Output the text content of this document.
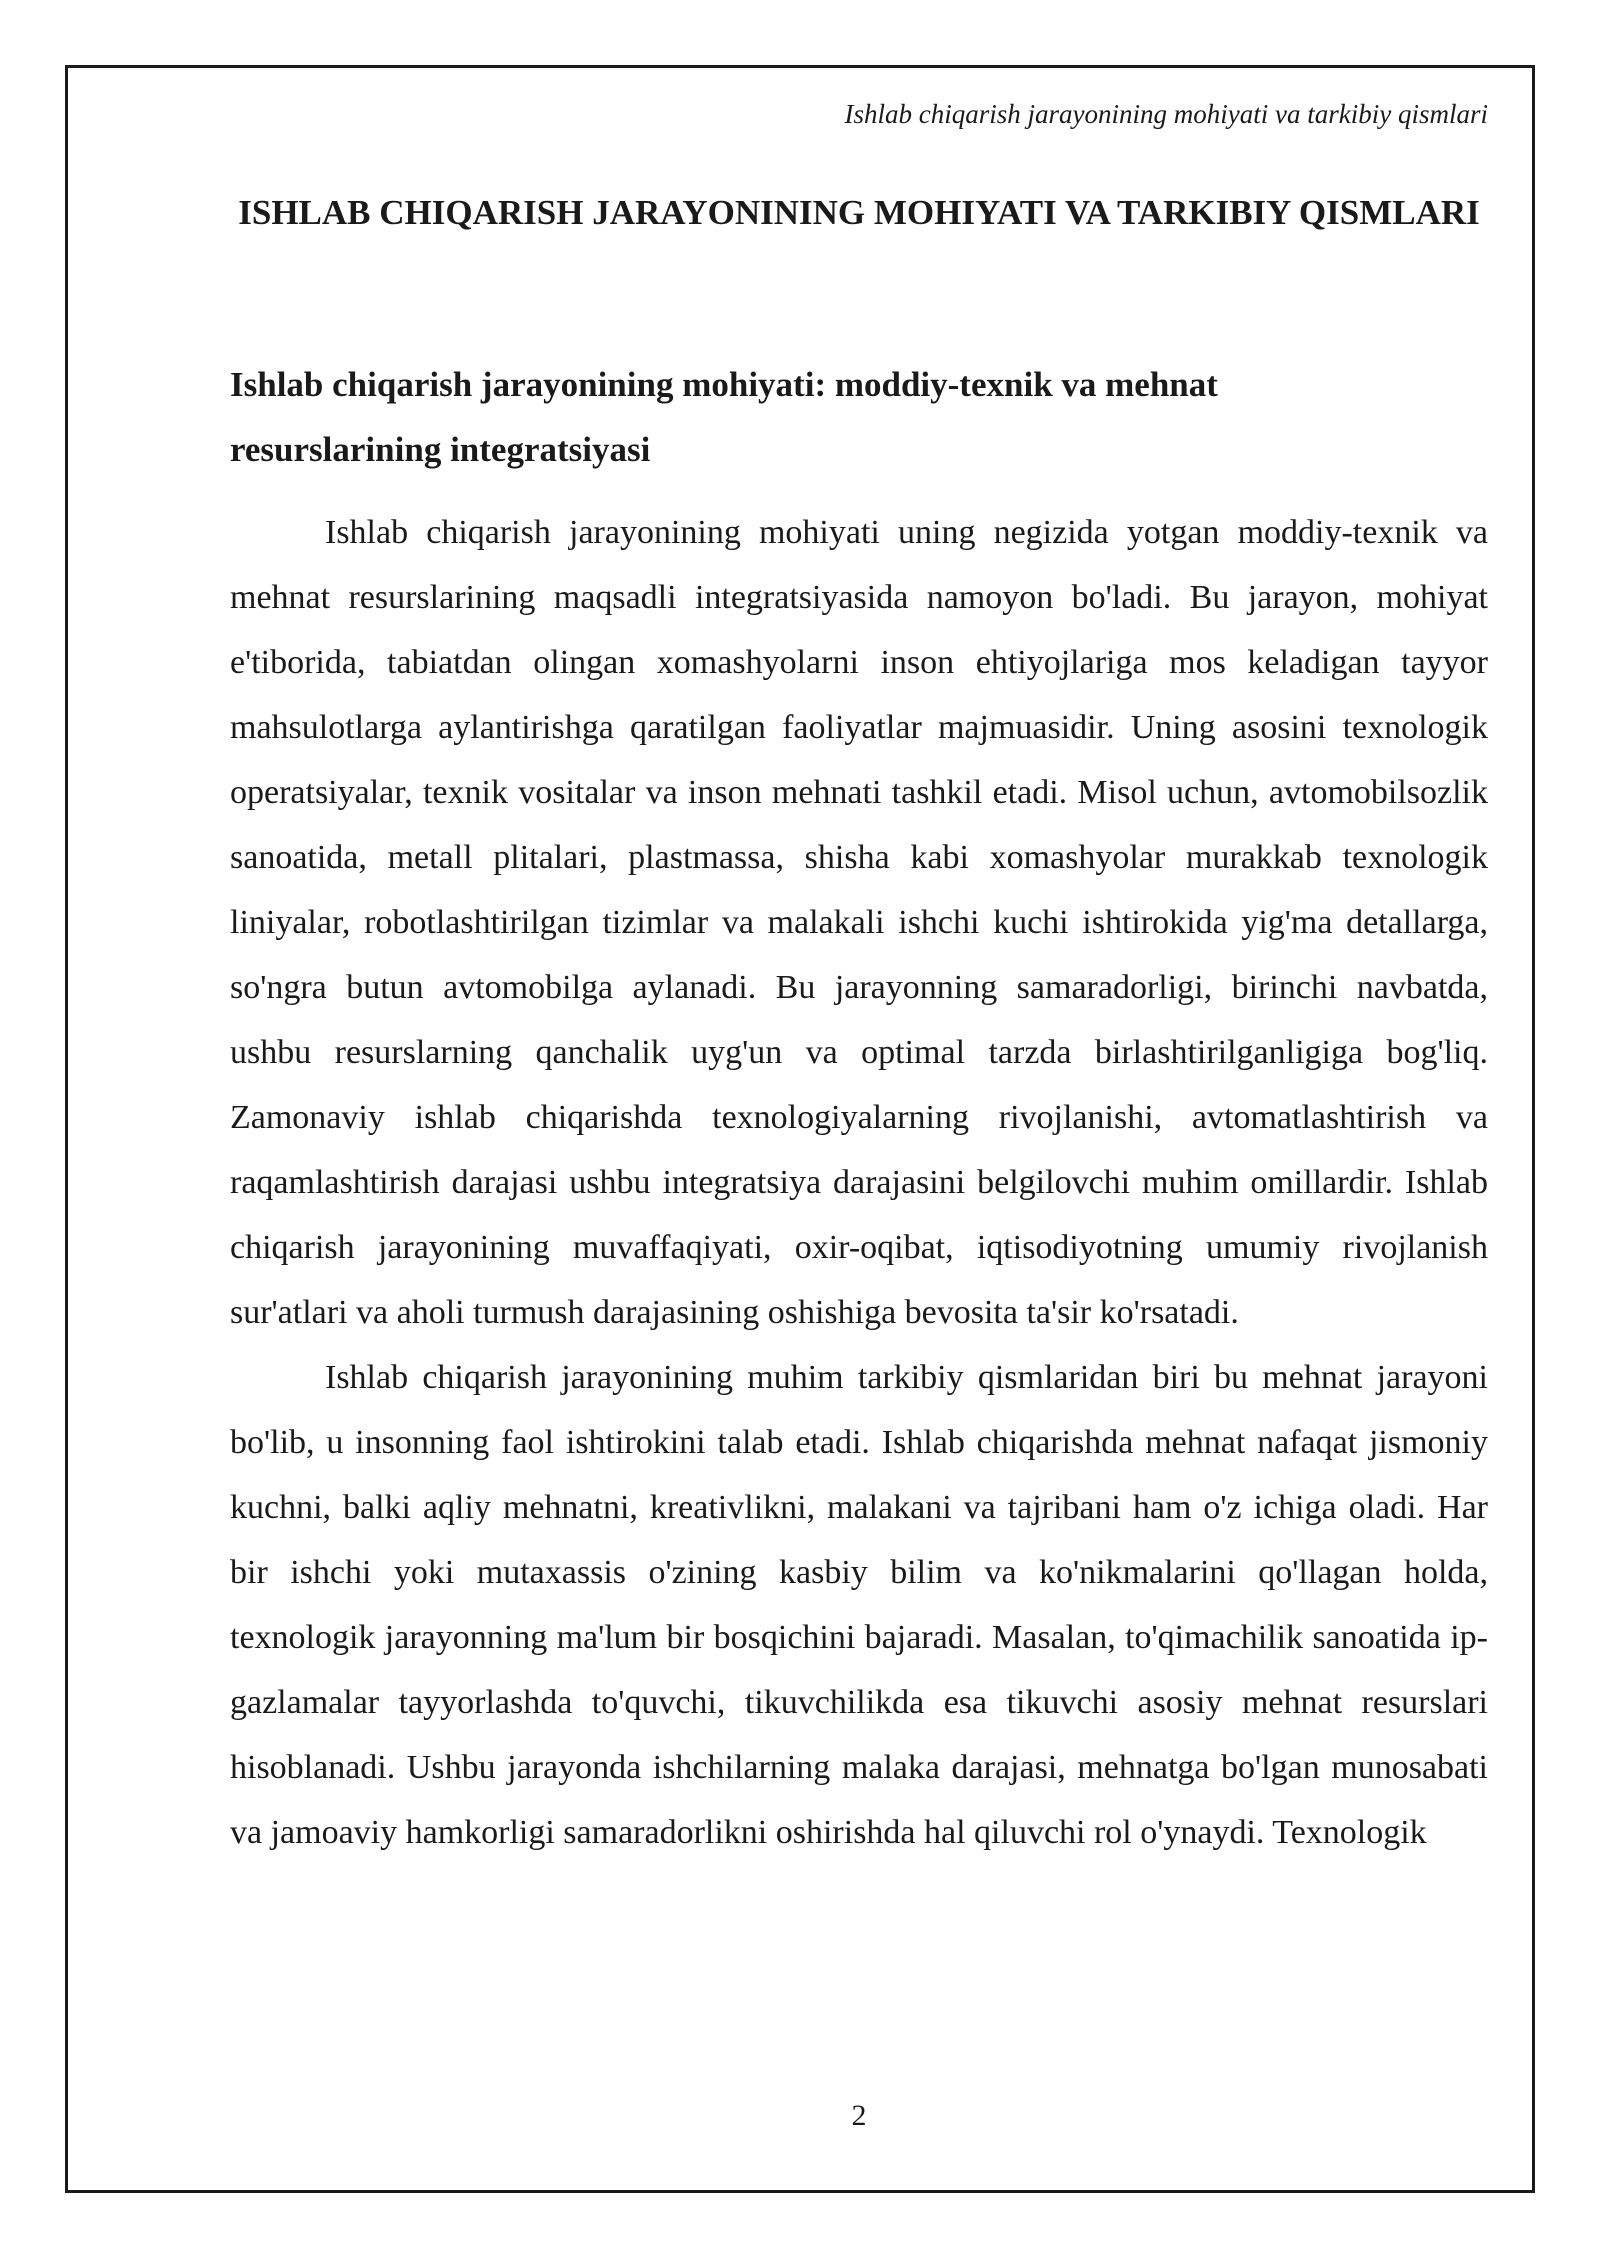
Ishlab chiqarish jarayonining mohiyati va tarkibiy qismlari
ISHLAB CHIQARISH JARAYONINING MOHIYATI VA TARKIBIY QISMLARI
Ishlab chiqarish jarayonining mohiyati: moddiy-texnik va mehnat resurslarining integratsiyasi

Ishlab chiqarish jarayonining mohiyati uning negizida yotgan moddiy-texnik va mehnat resurslarining maqsadli integratsiyasida namoyon bo'ladi. Bu jarayon, mohiyat e'tiborida, tabiatdan olingan xomashyolarni inson ehtiyojlariga mos keladigan tayyor mahsulotlarga aylantirishga qaratilgan faoliyatlar majmuasidir. Uning asosini texnologik operatsiyalar, texnik vositalar va inson mehnati tashkil etadi. Misol uchun, avtomobilsozlik sanoatida, metall plitalari, plastmassa, shisha kabi xomashyolar murakkab texnologik liniyalar, robotlashtirilgan tizimlar va malakali ishchi kuchi ishtirokida yig'ma detallarga, so'ngra butun avtomobilga aylanadi. Bu jarayonning samaradorligi, birinchi navbatda, ushbu resurslarning qanchalik uyg'un va optimal tarzda birlashtirilganligiga bog'liq. Zamonaviy ishlab chiqarishda texnologiyalarning rivojlanishi, avtomatlashtirish va raqamlashtirish darajasi ushbu integratsiya darajasini belgilovchi muhim omillardir. Ishlab chiqarish jarayonining muvaffaqiyati, oxir-oqibat, iqtisodiyotning umumiy rivojlanish sur'atlari va aholi turmush darajasining oshishiga bevosita ta'sir ko'rsatadi.

Ishlab chiqarish jarayonining muhim tarkibiy qismlaridan biri bu mehnat jarayoni bo'lib, u insonning faol ishtirokini talab etadi. Ishlab chiqarishda mehnat nafaqat jismoniy kuchni, balki aqliy mehnatni, kreativlikni, malakani va tajribani ham o'z ichiga oladi. Har bir ishchi yoki mutaxassis o'zining kasbiy bilim va ko'nikmalarini qo'llagan holda, texnologik jarayonning ma'lum bir bosqichini bajaradi. Masalan, to'qimachilik sanoatida ip-gazlamalar tayyorlashda to'quvchi, tikuvchilikda esa tikuvchi asosiy mehnat resurslari hisoblanadi. Ushbu jarayonda ishchilarning malaka darajasi, mehnatga bo'lgan munosabati va jamoaviy hamkorligi samaradorlikni oshirishda hal qiluvchi rol o'ynaydi. Texnologik

2
